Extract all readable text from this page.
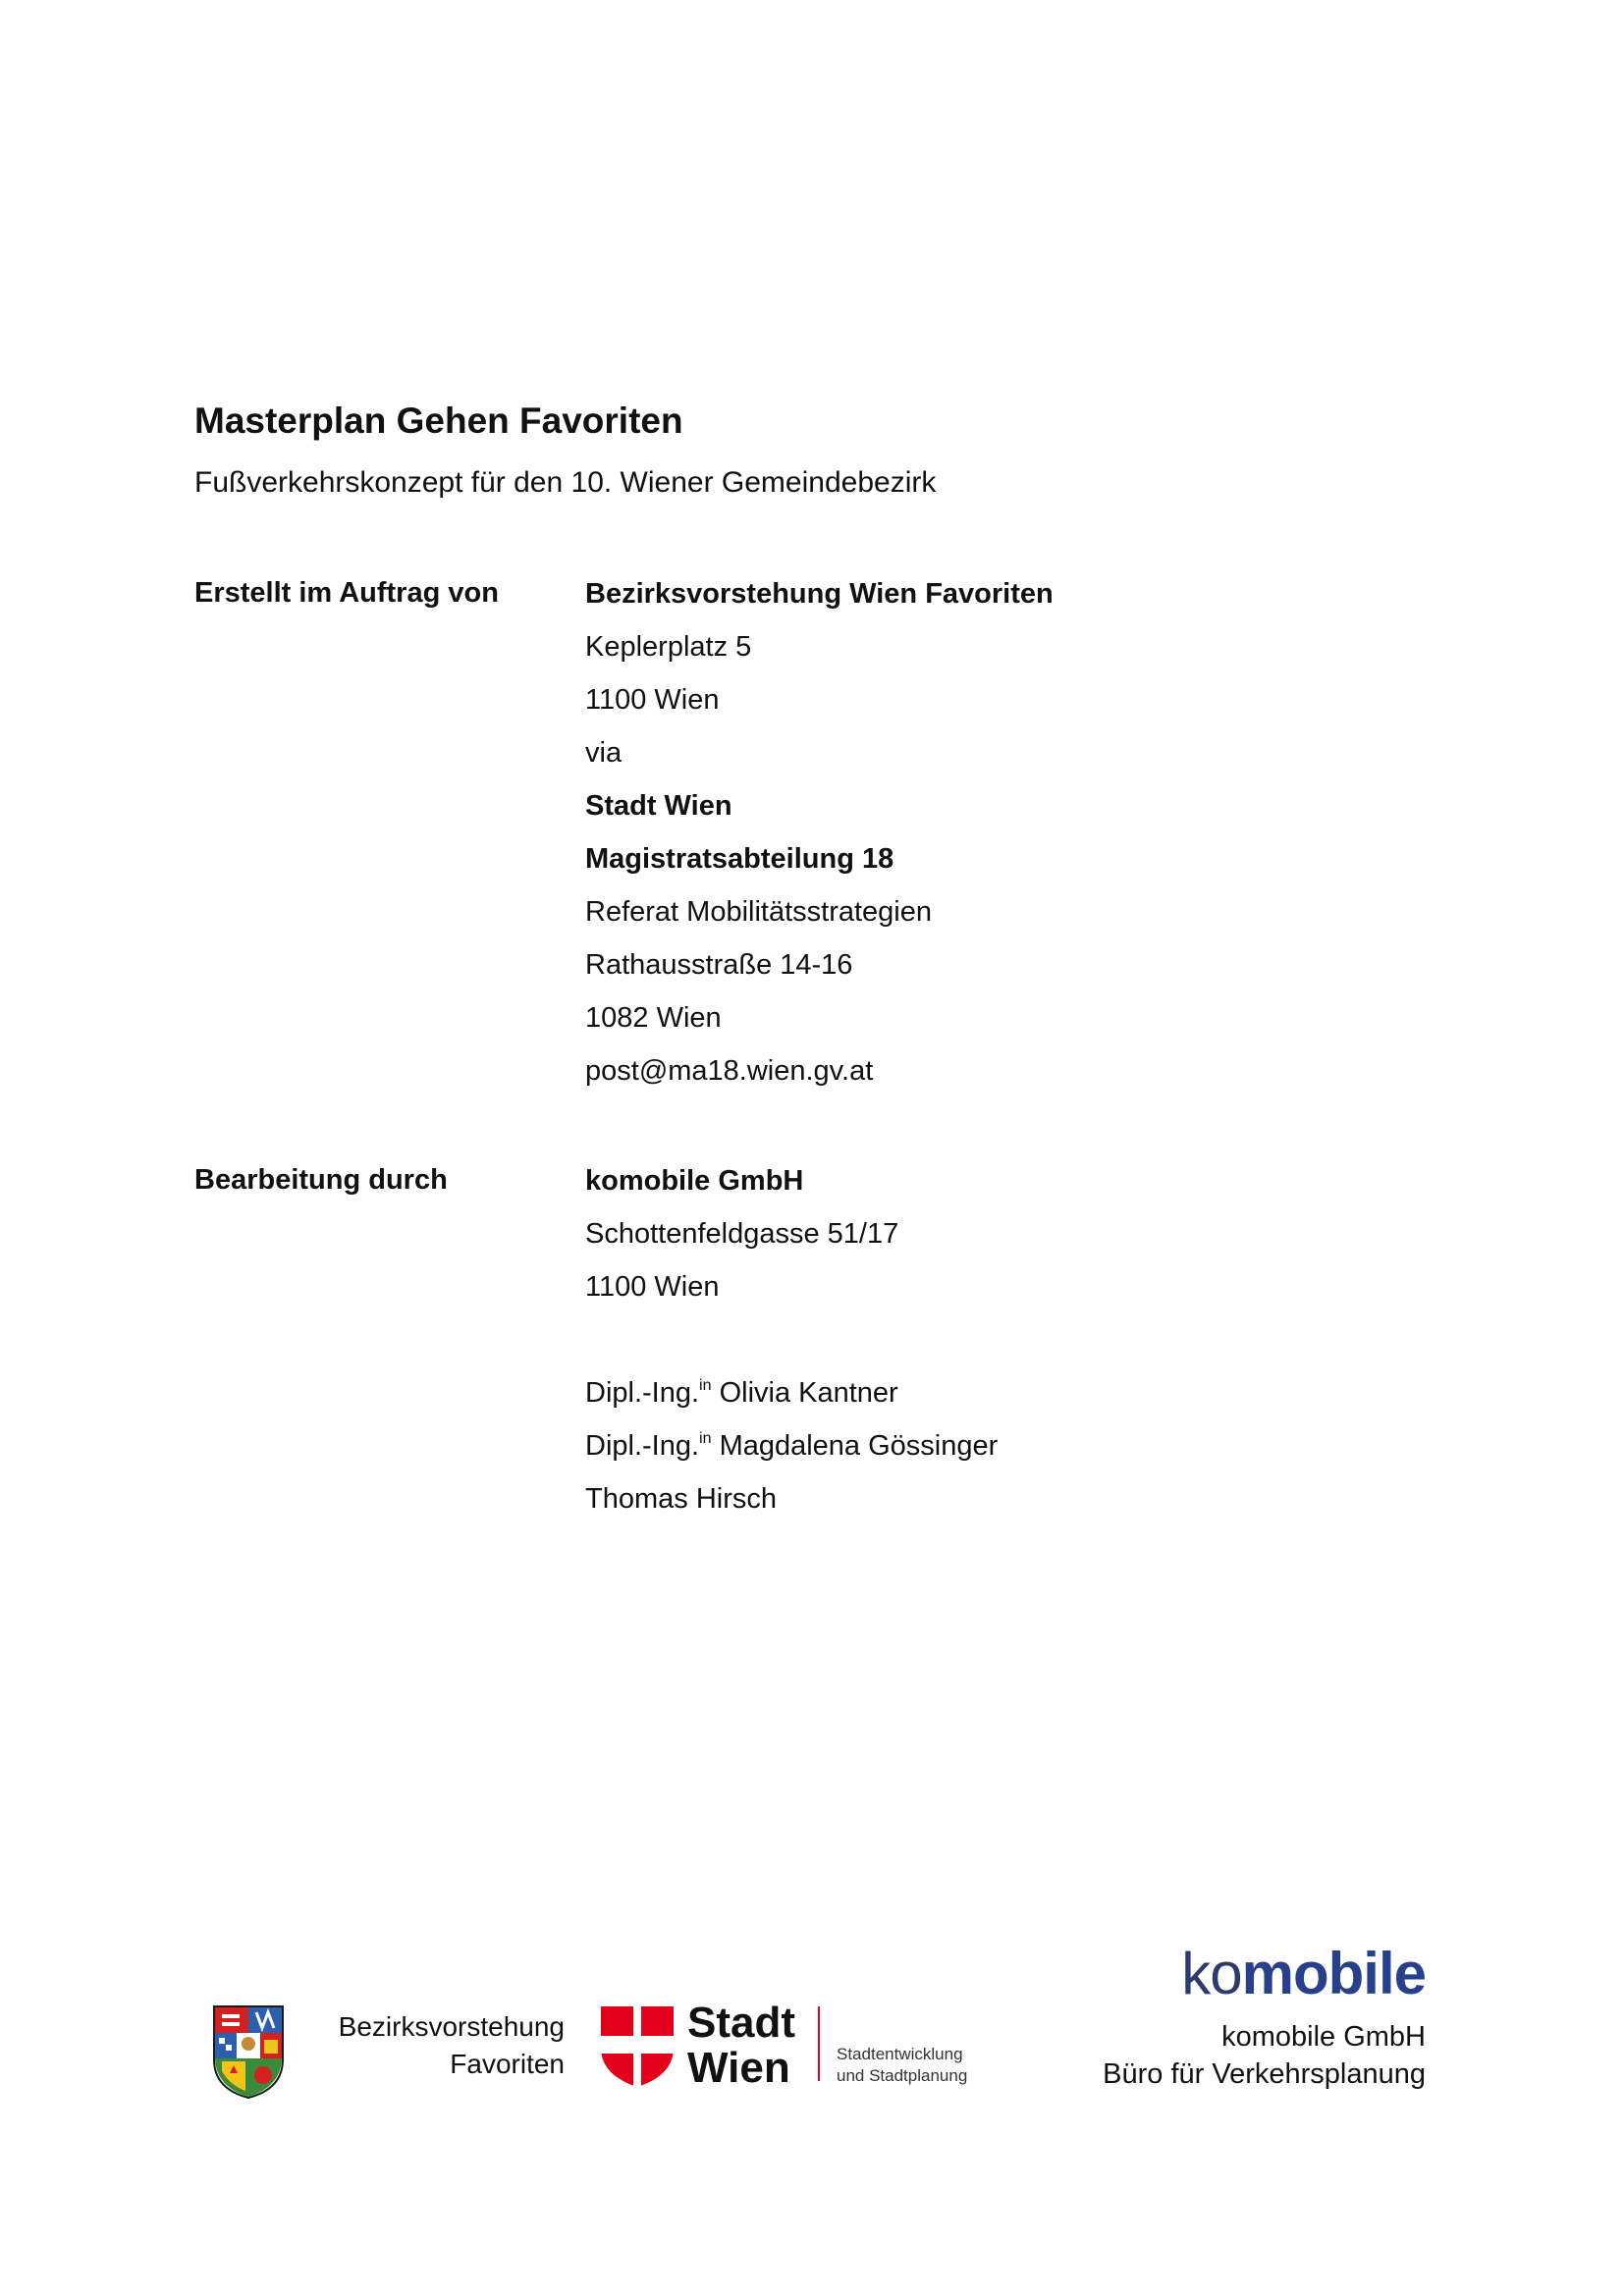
Masterplan Gehen Favoriten
Fußverkehrskonzept für den 10. Wiener Gemeindebezirk
Erstellt im Auftrag von	Bezirksvorstehung Wien Favoriten
Keplerplatz 5
1100 Wien
via
Stadt Wien
Magistratsabteilung 18
Referat Mobilitätsstrategien
Rathausstraße 14-16
1082 Wien
post@ma18.wien.gv.at
Bearbeitung durch	komobile GmbH
Schottenfeldgasse 51/17
1100 Wien
Dipl.-Ing.$^{in}$ Olivia Kantner
Dipl.-Ing.$^{in}$ Magdalena Gössinger
Thomas Hirsch
Bezirksvorstehung
Favoriten
Stadt
Wien	Stadtentwicklung
und Stadtplanung
komobile
komobile GmbH
Büro für Verkehrsplanung
